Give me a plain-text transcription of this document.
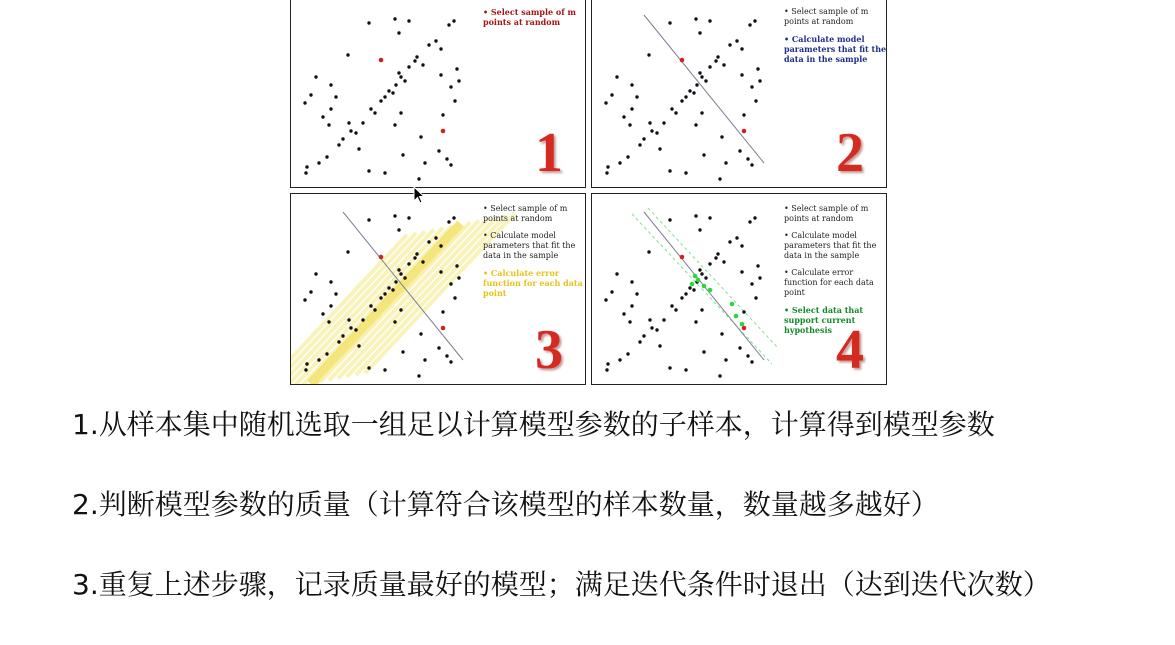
• Select sample of m points at random
1
• Select sample of m points at random
• Calculate model parameters that fit the data in the sample
2
• Select sample of m points at random
• Calculate model parameters that fit the data in the sample
• Calculate error function for each data point
3
• Select sample of m points at random
• Calculate model parameters that fit the data in the sample
• Calculate error function for each data point
• Select data that support current hypothesis 4
1.从样本集中随机选取一组足以计算模型参数的子样本，计算得到模型参数
2.判断模型参数的质量（计算符合该模型的样本数量，数量越多越好）
3.重复上述步骤，记录质量最好的模型；满足迭代条件时退出（达到迭代次数）
